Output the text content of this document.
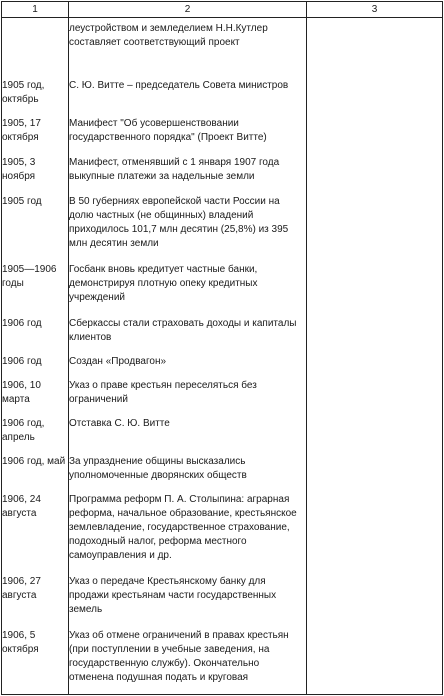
1	2	3

	леустройством и земледелием Н.Н.Кутлер составляет соответствующий проект	

1905 год, октябрь	С. Ю. Витте – председатель Совета министров	

1905, 17 октября	Манифест "Об усовершенствовании государственного порядка" (Проект Витте)	

1905, 3 ноября	Манифест, отменявший с 1 января 1907 года выкупные платежи за надельные земли	

1905 год	В 50 губерниях европейской части России на долю частных (не общинных) владений приходилось 101,7 млн десятин (25,8%) из 395 млн десятин земли	

1905—1906 годы	Госбанк вновь кредитует частные банки, демонстрируя плотную опеку кредитных учреждений	

1906 год	Сберкассы стали страховать доходы и капиталы клиентов	

1906 год	Создан «Продвагон»	

1906, 10 марта	Указ о праве крестьян переселяться без ограничений	

1906 год, апрель	Отставка С. Ю. Витте	

1906 год, май	За упразднение общины высказались уполномоченные дворянских обществ	

1906, 24 августа	Программа реформ П. А. Столыпина: аграрная реформа, начальное образование, крестьянское землевладение, государственное страхование, подоходный налог, реформа местного самоуправления и др.	

1906, 27 августа	Указ о передаче Крестьянскому банку для продажи крестьянам части государственных земель	

1906, 5 октября	Указ об отмене ограничений в правах крестьян (при поступлении в учебные заведения, на государственную службу). Окончательно отменена подушная подать и круговая	
